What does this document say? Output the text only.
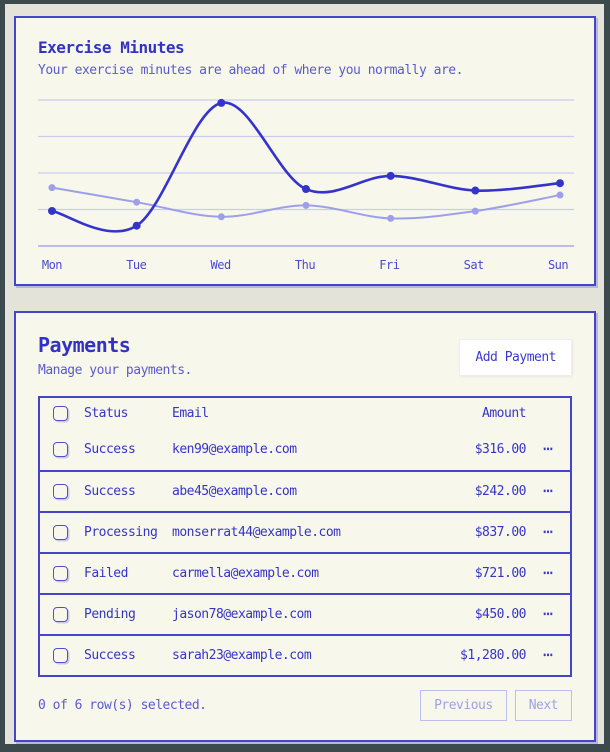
Exercise Minutes

Your exercise minutes are ahead of where you normally are.

Mon	Tue	Wed	Thu	Fri	Sat	Sun
Payments

Manage your payments.

Add Payment
Status	Email	Amount
Success	ken99@example.com	$316.00	⋯
Success	abe45@example.com	$242.00	⋯
Processing	monserrat44@example.com	$837.00	⋯
Failed	carmella@example.com	$721.00	⋯
Pending	jason78@example.com	$450.00	⋯
Success	sarah23@example.com	$1,280.00	⋯
0 of 6 row(s) selected.	Previous	Next
